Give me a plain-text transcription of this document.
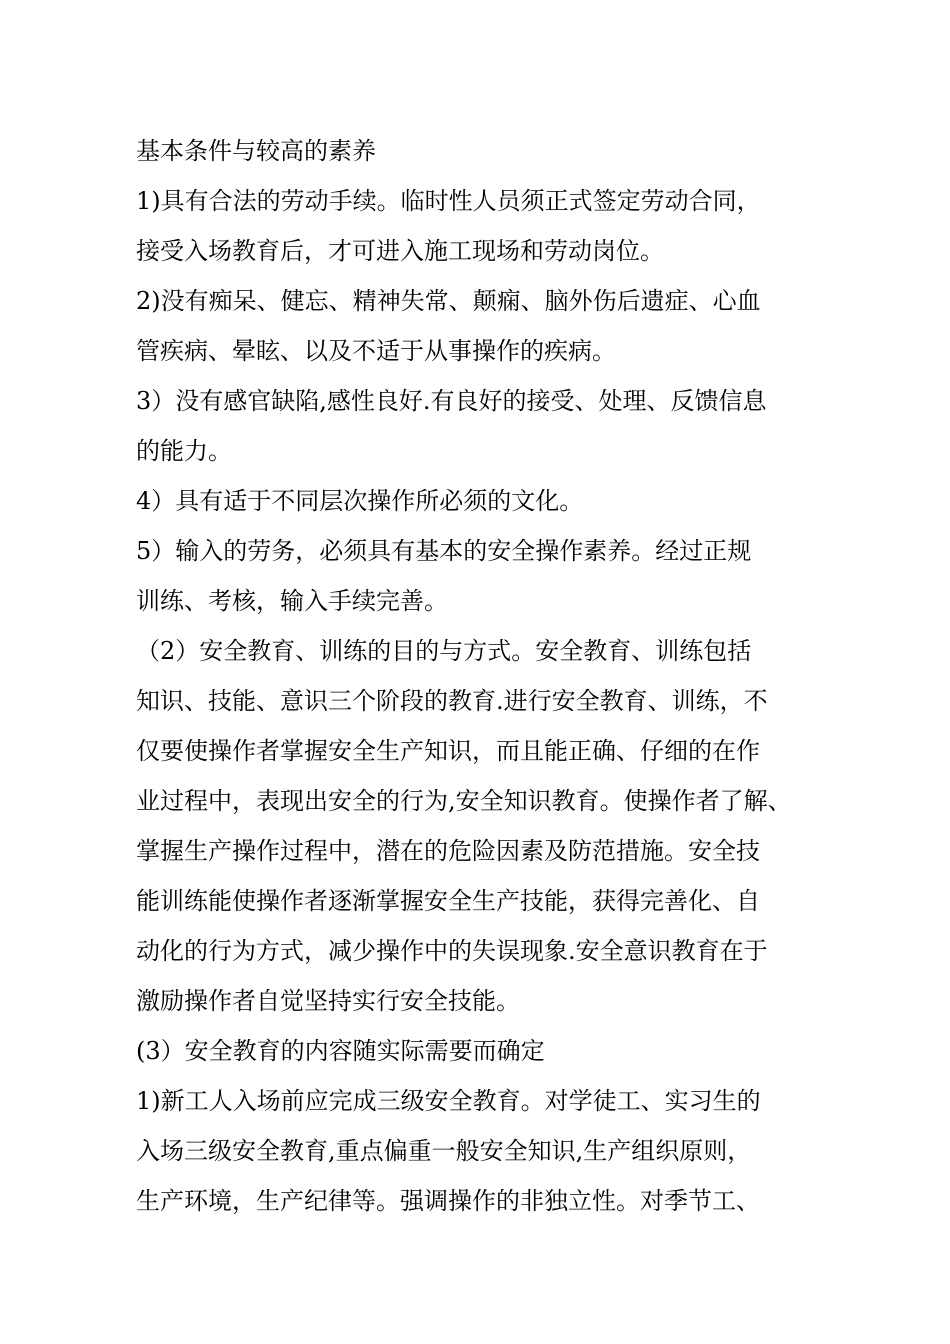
基本条件与较高的素养
1)具有合法的劳动手续。临时性人员须正式签定劳动合同，
接受入场教育后，才可进入施工现场和劳动岗位。
2)没有痴呆、健忘、精神失常、颠痫、脑外伤后遗症、心血
管疾病、晕眩、以及不适于从事操作的疾病。
3）没有感官缺陷,感性良好.有良好的接受、处理、反馈信息
的能力。
4）具有适于不同层次操作所必须的文化。
5）输入的劳务，必须具有基本的安全操作素养。经过正规
训练、考核，输入手续完善。
（2）安全教育、训练的目的与方式。安全教育、训练包括
知识、技能、意识三个阶段的教育.进行安全教育、训练，不
仅要使操作者掌握安全生产知识，而且能正确、仔细的在作
业过程中，表现出安全的行为,安全知识教育。使操作者了解、
掌握生产操作过程中，潜在的危险因素及防范措施。安全技
能训练能使操作者逐渐掌握安全生产技能，获得完善化、自
动化的行为方式，减少操作中的失误现象.安全意识教育在于
激励操作者自觉坚持实行安全技能。
(3）安全教育的内容随实际需要而确定
1)新工人入场前应完成三级安全教育。对学徒工、实习生的
入场三级安全教育,重点偏重一般安全知识,生产组织原则，
生产环境，生产纪律等。强调操作的非独立性。对季节工、
